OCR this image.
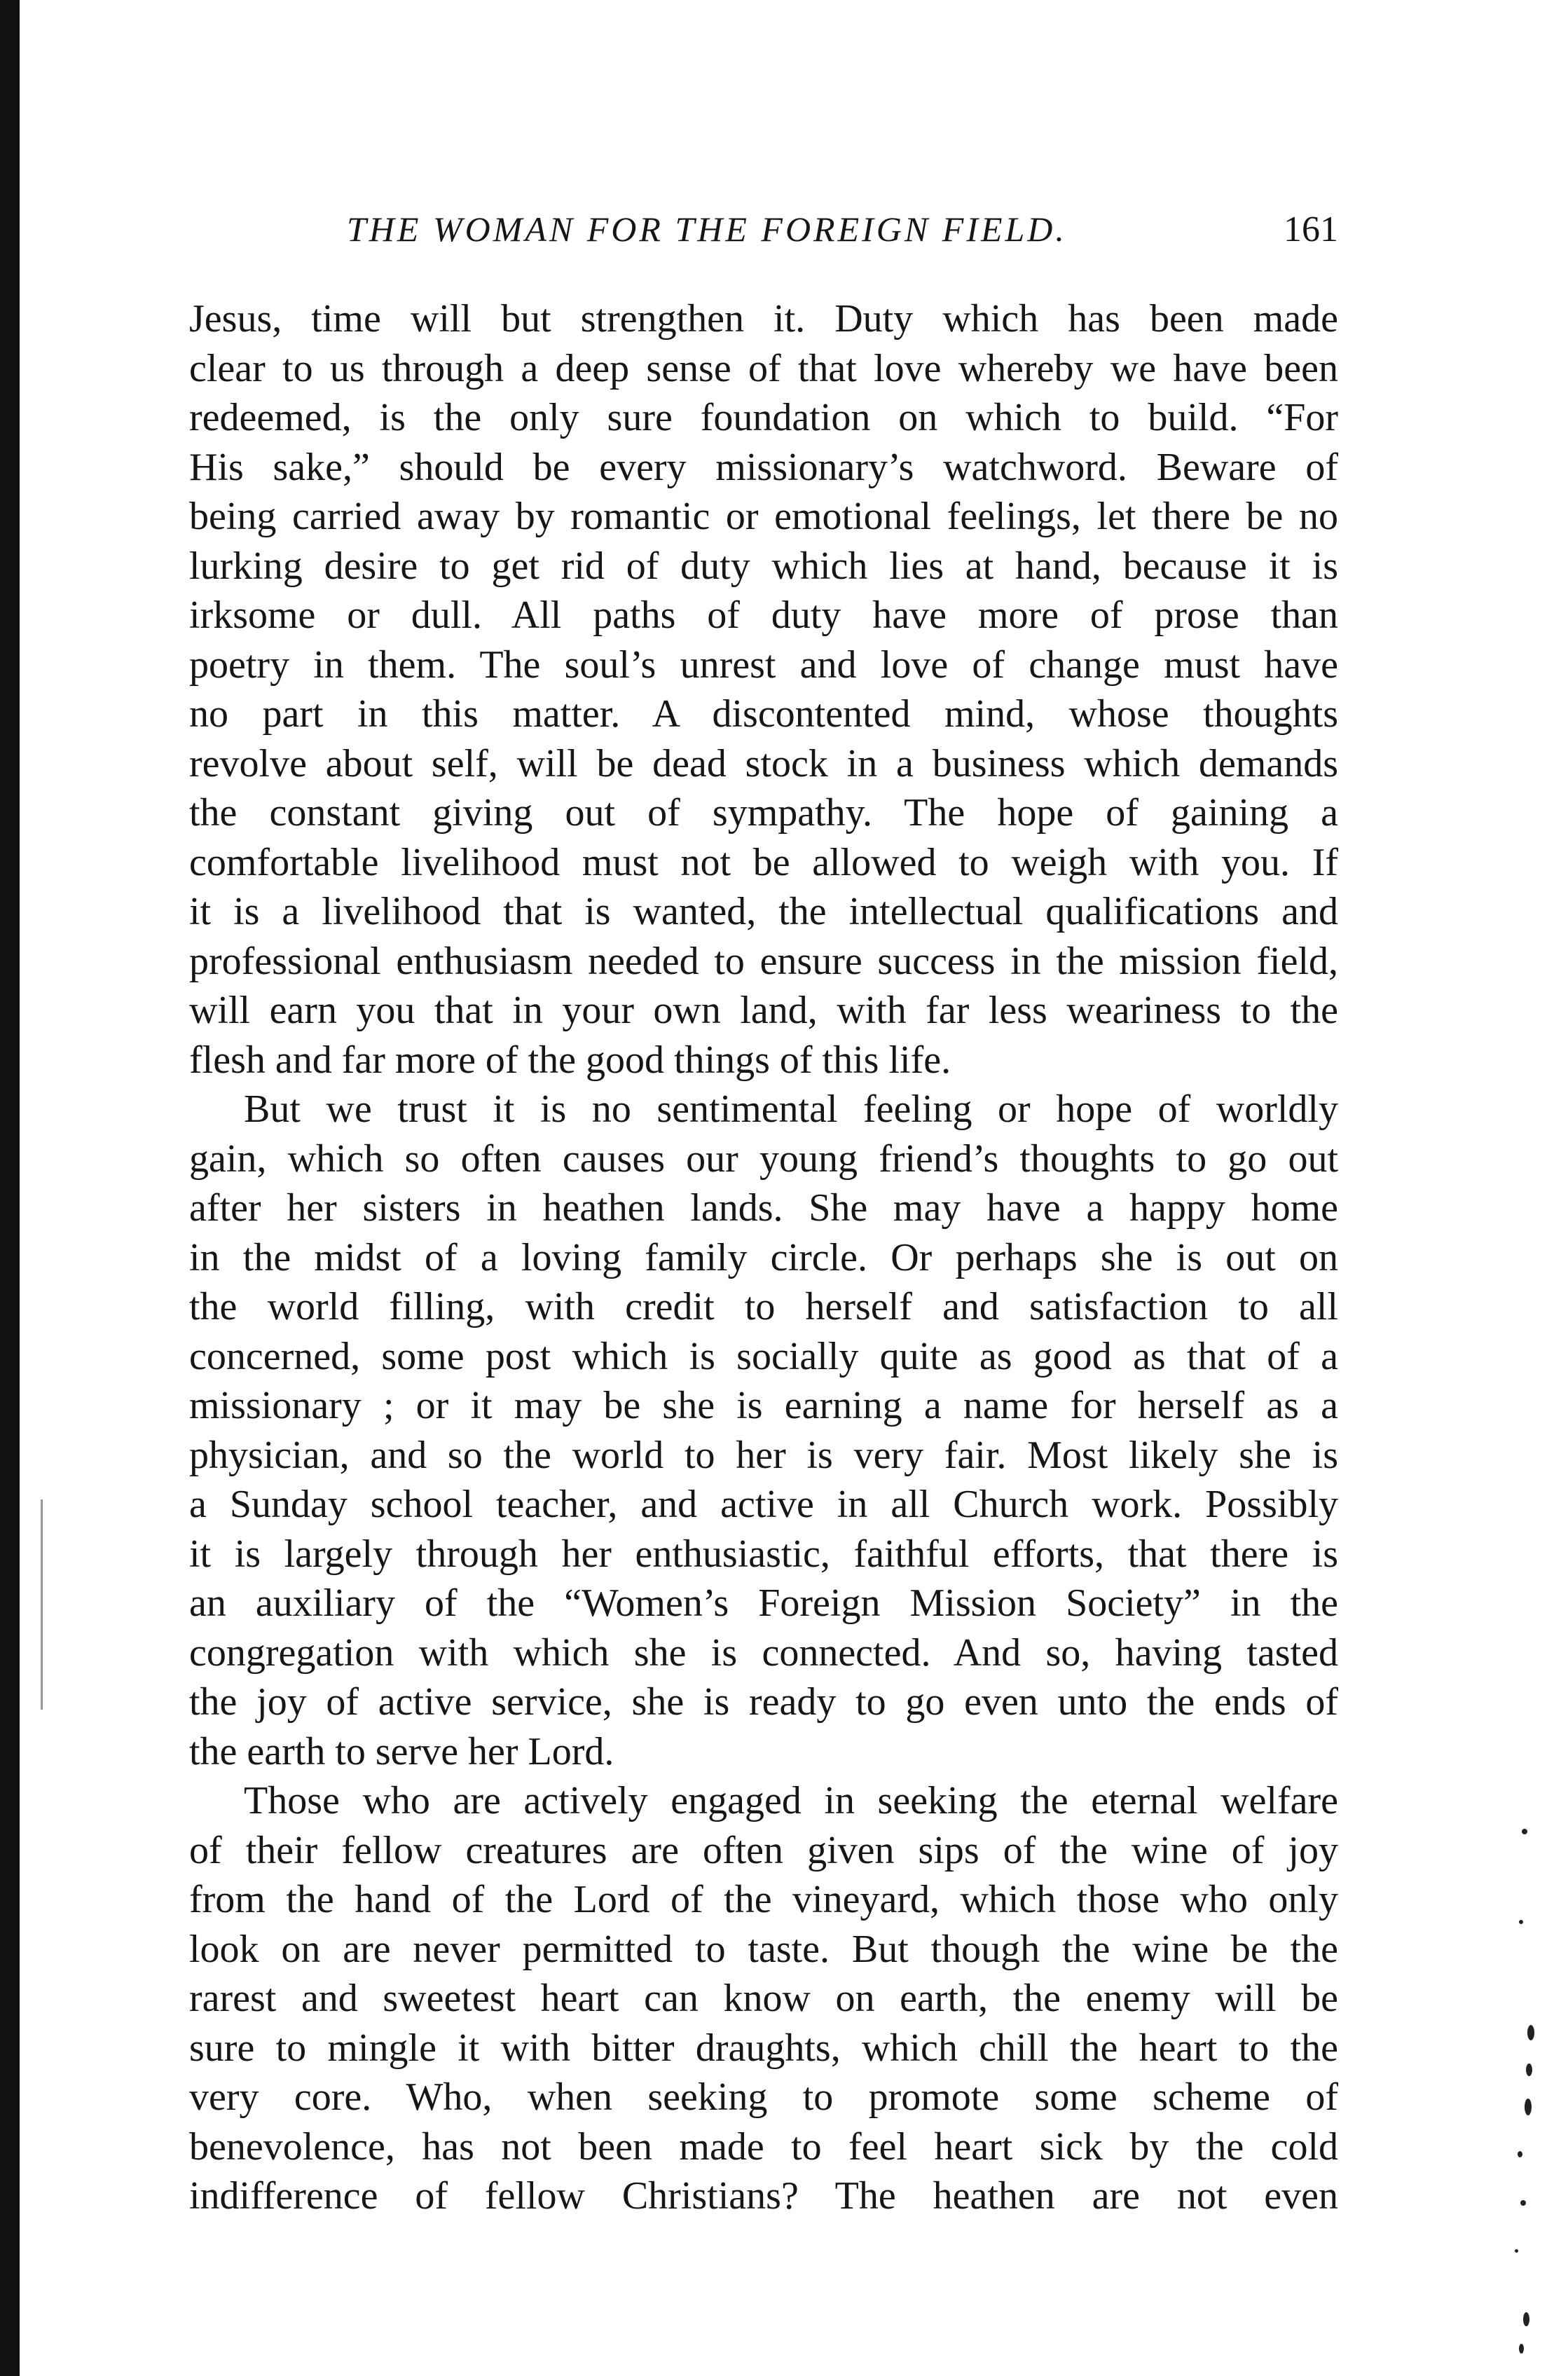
THE WOMAN FOR THE FOREIGN FIELD.	161
Jesus, time will but strengthen it. Duty which has been made
clear to us through a deep sense of that love whereby we have been
redeemed, is the only sure foundation on which to build. “For
His sake,” should be every missionary’s watchword. Beware of
being carried away by romantic or emotional feelings, let there be no
lurking desire to get rid of duty which lies at hand, because it is
irksome or dull. All paths of duty have more of prose than
poetry in them. The soul’s unrest and love of change must have
no part in this matter. A discontented mind, whose thoughts
revolve about self, will be dead stock in a business which demands
the constant giving out of sympathy. The hope of gaining a
comfortable livelihood must not be allowed to weigh with you. If
it is a livelihood that is wanted, the intellectual qualifications and
professional enthusiasm needed to ensure success in the mission field,
will earn you that in your own land, with far less weariness to the
flesh and far more of the good things of this life.
But we trust it is no sentimental feeling or hope of worldly
gain, which so often causes our young friend’s thoughts to go out
after her sisters in heathen lands. She may have a happy home
in the midst of a loving family circle. Or perhaps she is out on
the world filling, with credit to herself and satisfaction to all
concerned, some post which is socially quite as good as that of a
missionary ; or it may be she is earning a name for herself as a
physician, and so the world to her is very fair. Most likely she is
a Sunday school teacher, and active in all Church work. Possibly
it is largely through her enthusiastic, faithful efforts, that there is
an auxiliary of the “Women’s Foreign Mission Society” in the
congregation with which she is connected. And so, having tasted
the joy of active service, she is ready to go even unto the ends of
the earth to serve her Lord.
Those who are actively engaged in seeking the eternal welfare
of their fellow creatures are often given sips of the wine of joy
from the hand of the Lord of the vineyard, which those who only
look on are never permitted to taste. But though the wine be the
rarest and sweetest heart can know on earth, the enemy will be
sure to mingle it with bitter draughts, which chill the heart to the
very core. Who, when seeking to promote some scheme of
benevolence, has not been made to feel heart sick by the cold
indifference of fellow Christians? The heathen are not even
